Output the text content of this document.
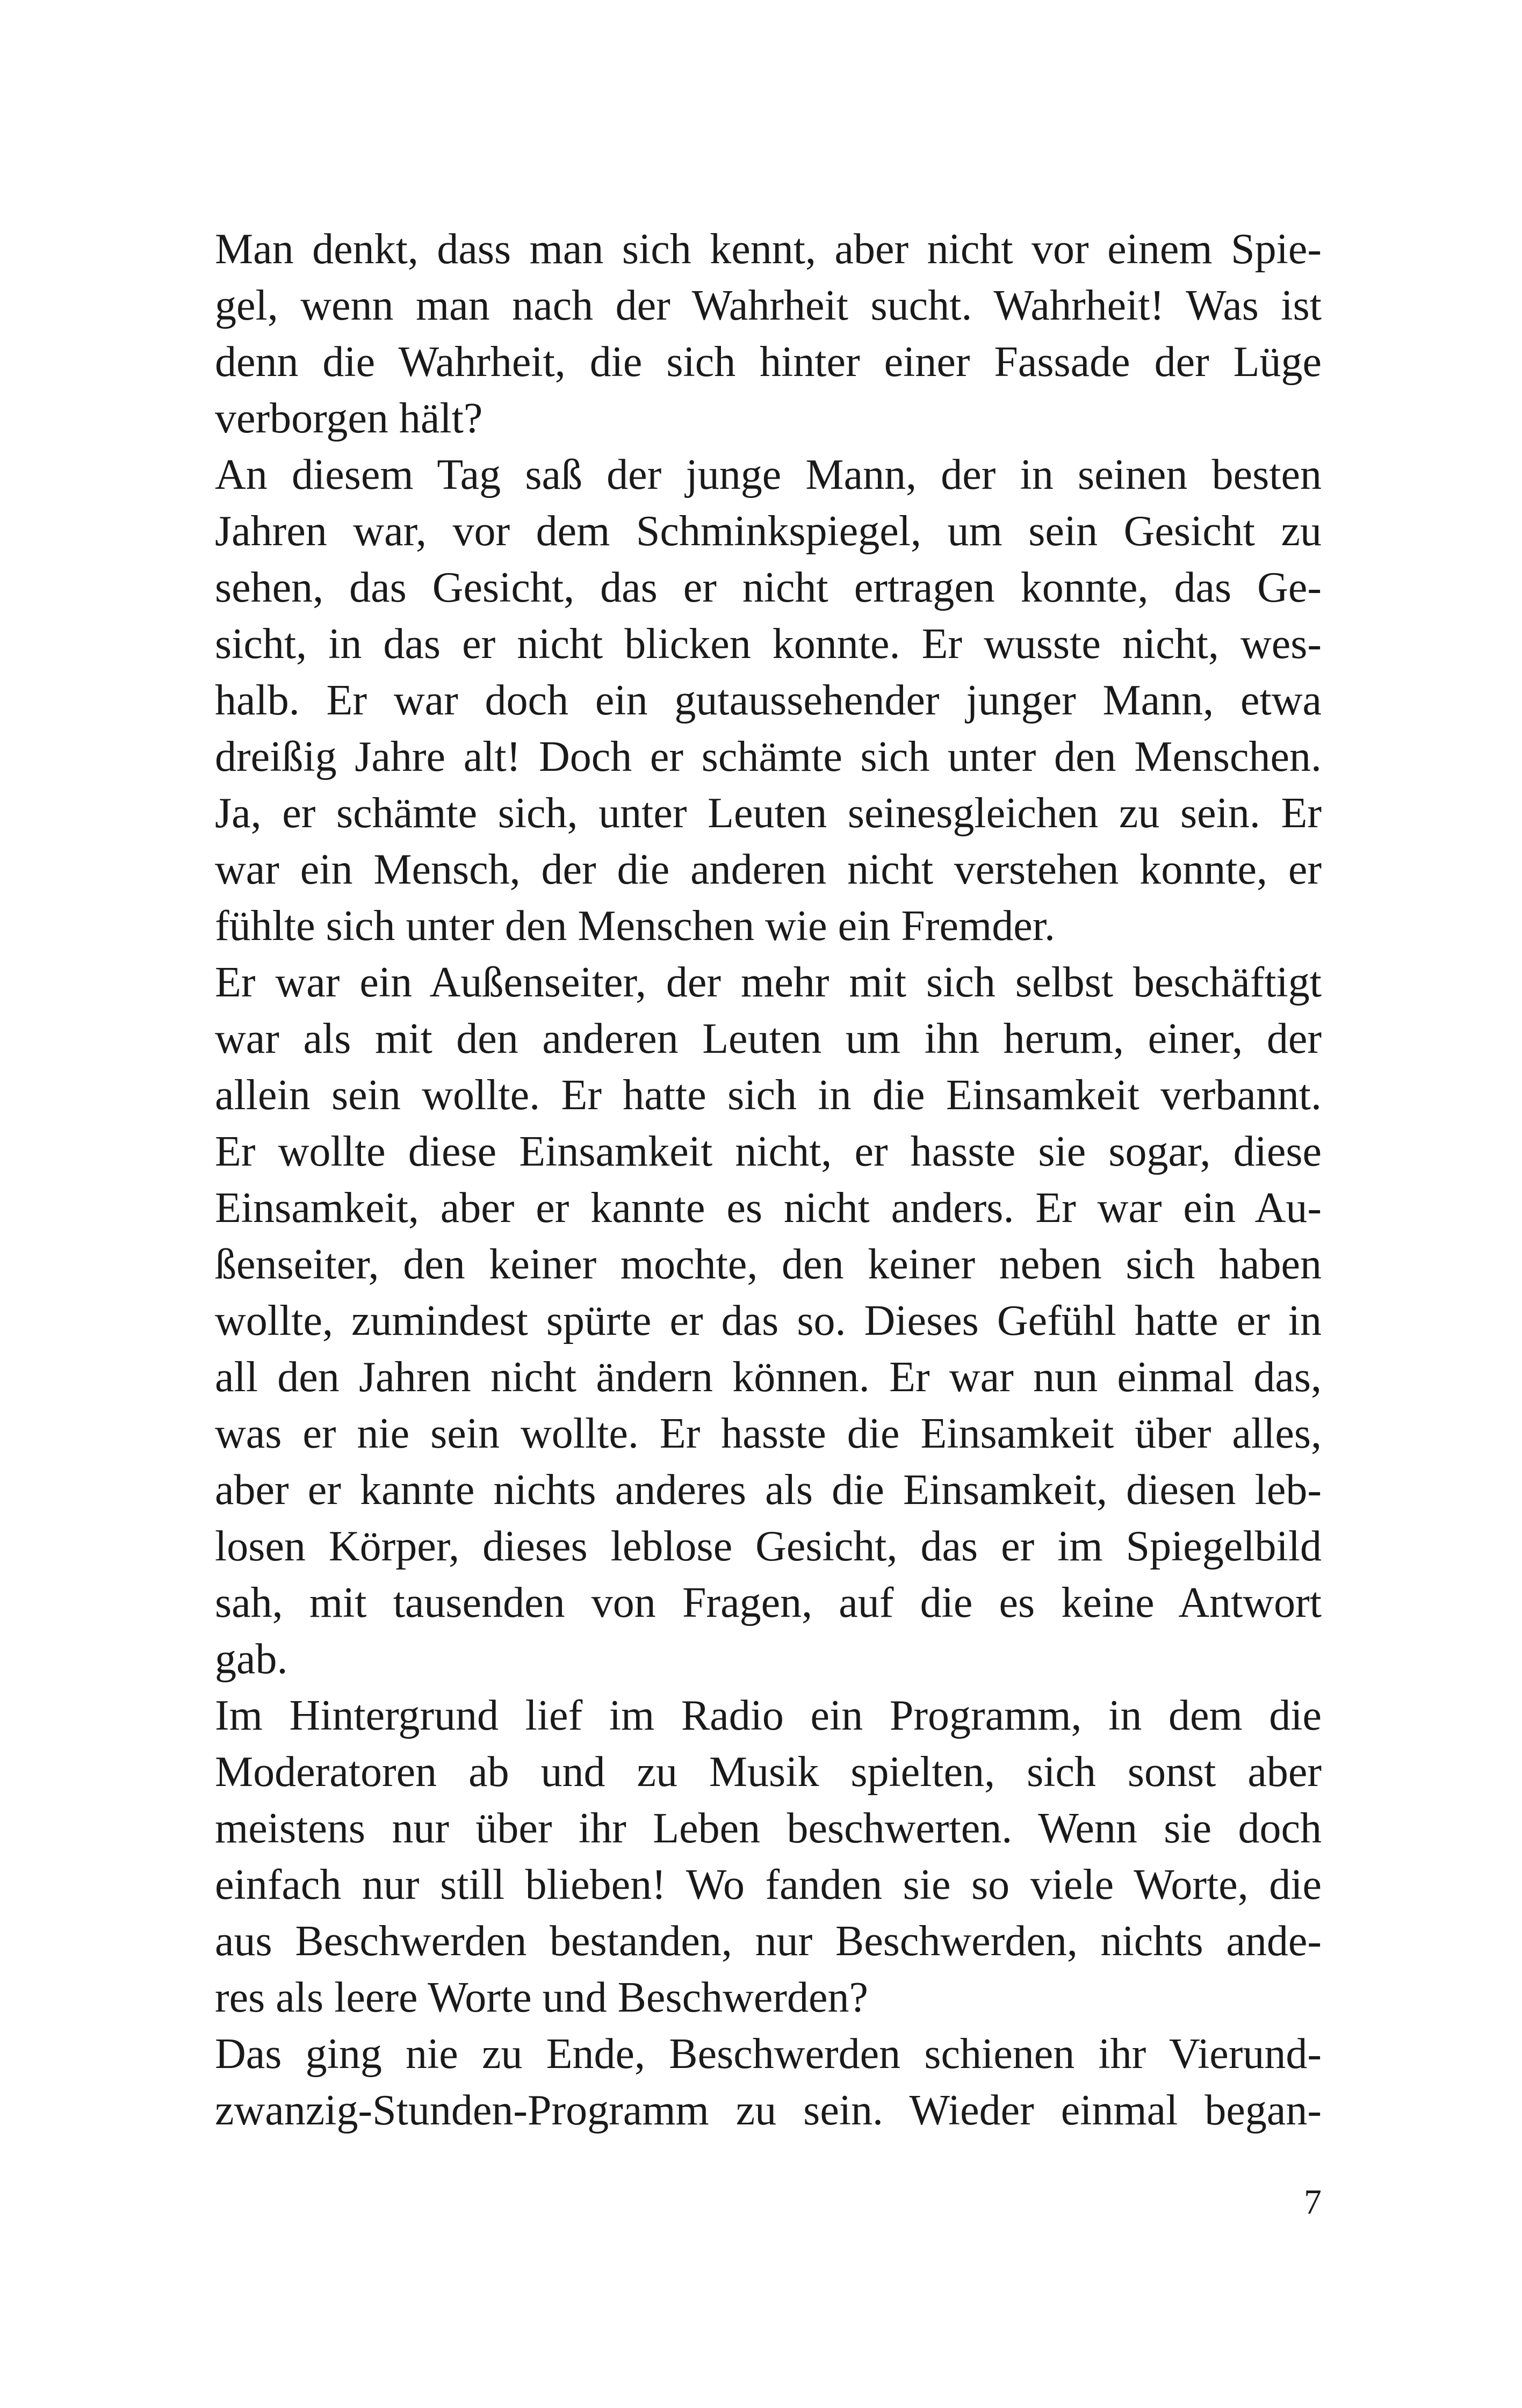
Man denkt, dass man sich kennt, aber nicht vor einem Spie-
gel, wenn man nach der Wahrheit sucht. Wahrheit! Was ist
denn die Wahrheit, die sich hinter einer Fassade der Lüge
verborgen hält?
An diesem Tag saß der junge Mann, der in seinen besten
Jahren war, vor dem Schminkspiegel, um sein Gesicht zu
sehen, das Gesicht, das er nicht ertragen konnte, das Ge-
sicht, in das er nicht blicken konnte. Er wusste nicht, wes-
halb. Er war doch ein gutaussehender junger Mann, etwa
dreißig Jahre alt! Doch er schämte sich unter den Menschen.
Ja, er schämte sich, unter Leuten seinesgleichen zu sein. Er
war ein Mensch, der die anderen nicht verstehen konnte, er
fühlte sich unter den Menschen wie ein Fremder.
Er war ein Außenseiter, der mehr mit sich selbst beschäftigt
war als mit den anderen Leuten um ihn herum, einer, der
allein sein wollte. Er hatte sich in die Einsamkeit verbannt.
Er wollte diese Einsamkeit nicht, er hasste sie sogar, diese
Einsamkeit, aber er kannte es nicht anders. Er war ein Au-
ßenseiter, den keiner mochte, den keiner neben sich haben
wollte, zumindest spürte er das so. Dieses Gefühl hatte er in
all den Jahren nicht ändern können. Er war nun einmal das,
was er nie sein wollte. Er hasste die Einsamkeit über alles,
aber er kannte nichts anderes als die Einsamkeit, diesen leb-
losen Körper, dieses leblose Gesicht, das er im Spiegelbild
sah, mit tausenden von Fragen, auf die es keine Antwort
gab.
Im Hintergrund lief im Radio ein Programm, in dem die
Moderatoren ab und zu Musik spielten, sich sonst aber
meistens nur über ihr Leben beschwerten. Wenn sie doch
einfach nur still blieben! Wo fanden sie so viele Worte, die
aus Beschwerden bestanden, nur Beschwerden, nichts ande-
res als leere Worte und Beschwerden?
Das ging nie zu Ende, Beschwerden schienen ihr Vierund-
zwanzig-Stunden-Programm zu sein. Wieder einmal began-
7
